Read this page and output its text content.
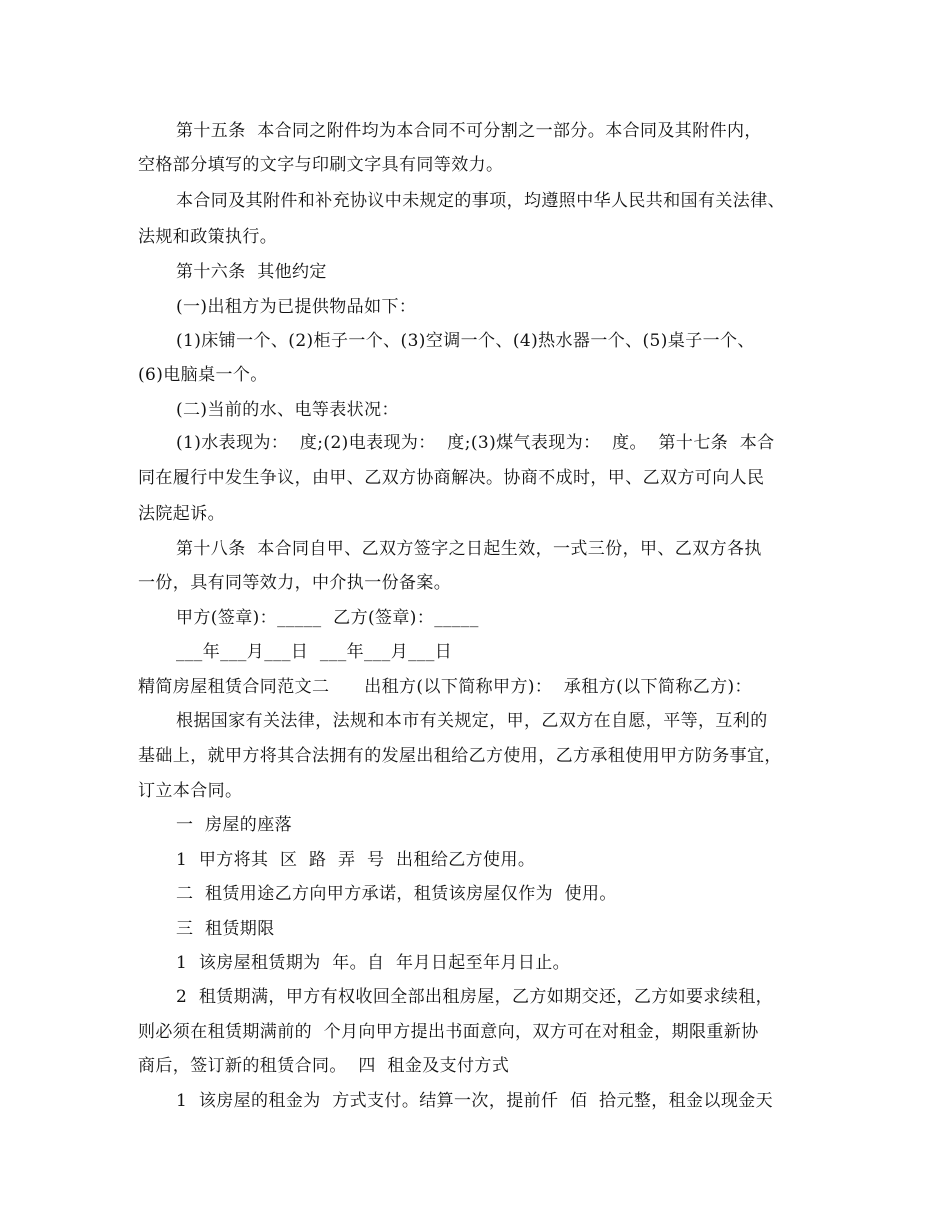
第十五条  本合同之附件均为本合同不可分割之一部分。本合同及其附件内，
空格部分填写的文字与印刷文字具有同等效力。
本合同及其附件和补充协议中未规定的事项，均遵照中华人民共和国有关法律、
法规和政策执行。
第十六条  其他约定
(一)出租方为已提供物品如下：
(1)床铺一个、(2)柜子一个、(3)空调一个、(4)热水器一个、(5)桌子一个、
(6)电脑桌一个。
(二)当前的水、电等表状况：
(1)水表现为：  度;(2)电表现为：  度;(3)煤气表现为：  度。  第十七条  本合
同在履行中发生争议，由甲、乙双方协商解决。协商不成时，甲、乙双方可向人民
法院起诉。
第十八条  本合同自甲、乙双方签字之日起生效，一式三份，甲、乙双方各执
一份，具有同等效力，中介执一份备案。
甲方(签章)：_____  乙方(签章)：_____
___年___月___日  ___年___月___日
精简房屋租赁合同范文二      出租方(以下简称甲方)：  承租方(以下简称乙方)：
根据国家有关法律，法规和本市有关规定，甲，乙双方在自愿，平等，互利的
基础上，就甲方将其合法拥有的发屋出租给乙方使用，乙方承租使用甲方防务事宜，
订立本合同。
一  房屋的座落
1  甲方将其  区  路  弄  号  出租给乙方使用。
二  租赁用途乙方向甲方承诺，租赁该房屋仅作为  使用。
三  租赁期限
1  该房屋租赁期为  年。自  年月日起至年月日止。
2  租赁期满，甲方有权收回全部出租房屋，乙方如期交还，乙方如要求续租，
则必须在租赁期满前的  个月向甲方提出书面意向，双方可在对租金，期限重新协
商后，签订新的租赁合同。  四  租金及支付方式
1  该房屋的租金为  方式支付。结算一次，提前仟  佰  拾元整，租金以现金天
